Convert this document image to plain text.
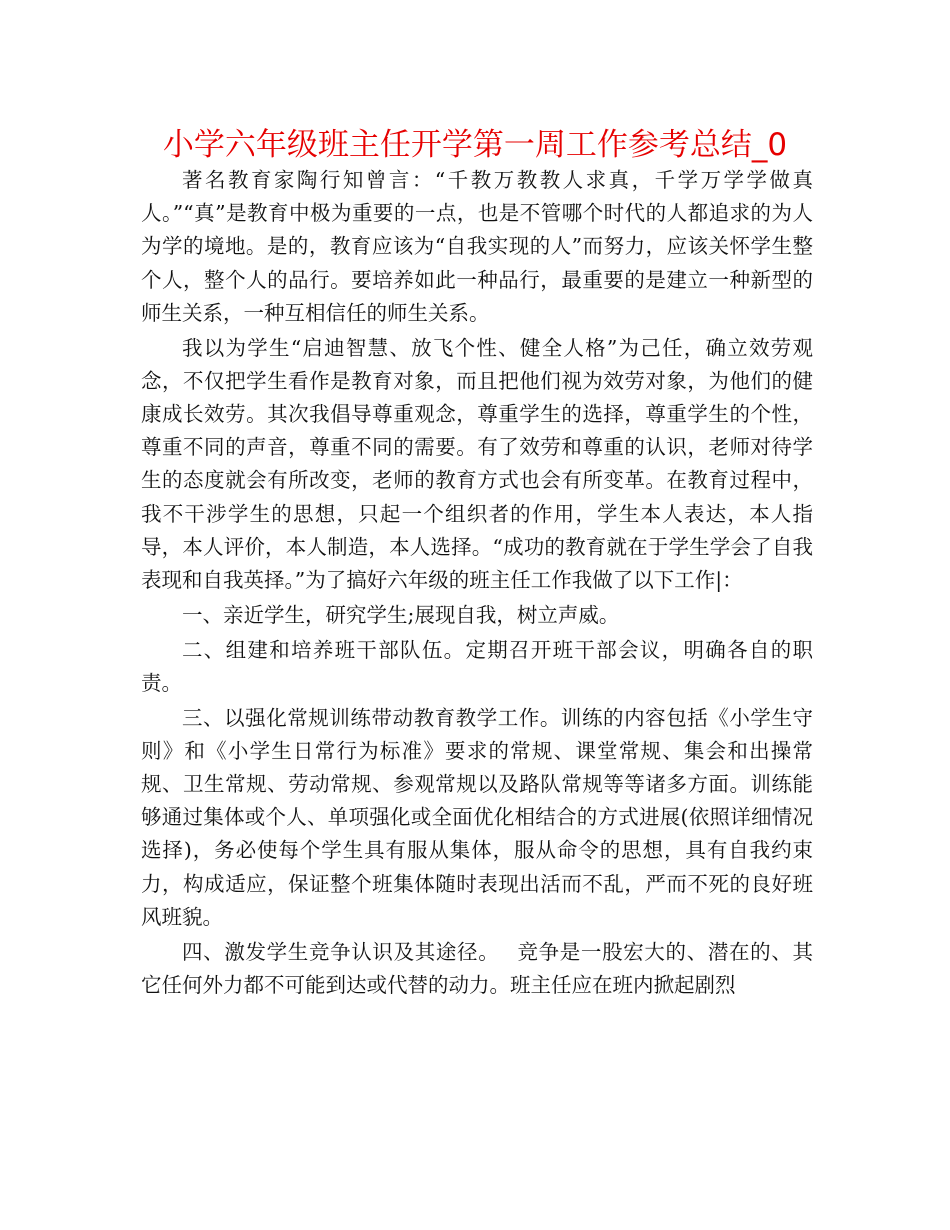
小学六年级班主任开学第一周工作参考总结_0

著名教育家陶行知曾言：“千教万教教人求真，千学万学学做真人。”“真”是教育中极为重要的一点，也是不管哪个时代的人都追求的为人为学的境地。是的，教育应该为“自我实现的人”而努力，应该关怀学生整个人，整个人的品行。要培养如此一种品行，最重要的是建立一种新型的师生关系，一种互相信任的师生关系。

我以为学生“启迪智慧、放飞个性、健全人格”为己任，确立效劳观念，不仅把学生看作是教育对象，而且把他们视为效劳对象，为他们的健康成长效劳。其次我倡导尊重观念，尊重学生的选择，尊重学生的个性，尊重不同的声音，尊重不同的需要。有了效劳和尊重的认识，老师对待学生的态度就会有所改变，老师的教育方式也会有所变革。在教育过程中，我不干涉学生的思想，只起一个组织者的作用，学生本人表达，本人指导，本人评价，本人制造，本人选择。“成功的教育就在于学生学会了自我表现和自我英择。”为了搞好六年级的班主任工作我做了以下工作|：

一、亲近学生，研究学生;展现自我，树立声威。

二、组建和培养班干部队伍。定期召开班干部会议，明确各自的职责。

三、以强化常规训练带动教育教学工作。训练的内容包括《小学生守则》和《小学生日常行为标准》要求的常规、课堂常规、集会和出操常规、卫生常规、劳动常规、参观常规以及路队常规等等诸多方面。训练能够通过集体或个人、单项强化或全面优化相结合的方式进展(依照详细情况选择)，务必使每个学生具有服从集体，服从命令的思想，具有自我约束力，构成适应，保证整个班集体随时表现出活而不乱，严而不死的良好班风班貌。

四、激发学生竞争认识及其途径。　 竞争是一股宏大的、潜在的、其它任何外力都不可能到达或代替的动力。班主任应在班内掀起剧烈
